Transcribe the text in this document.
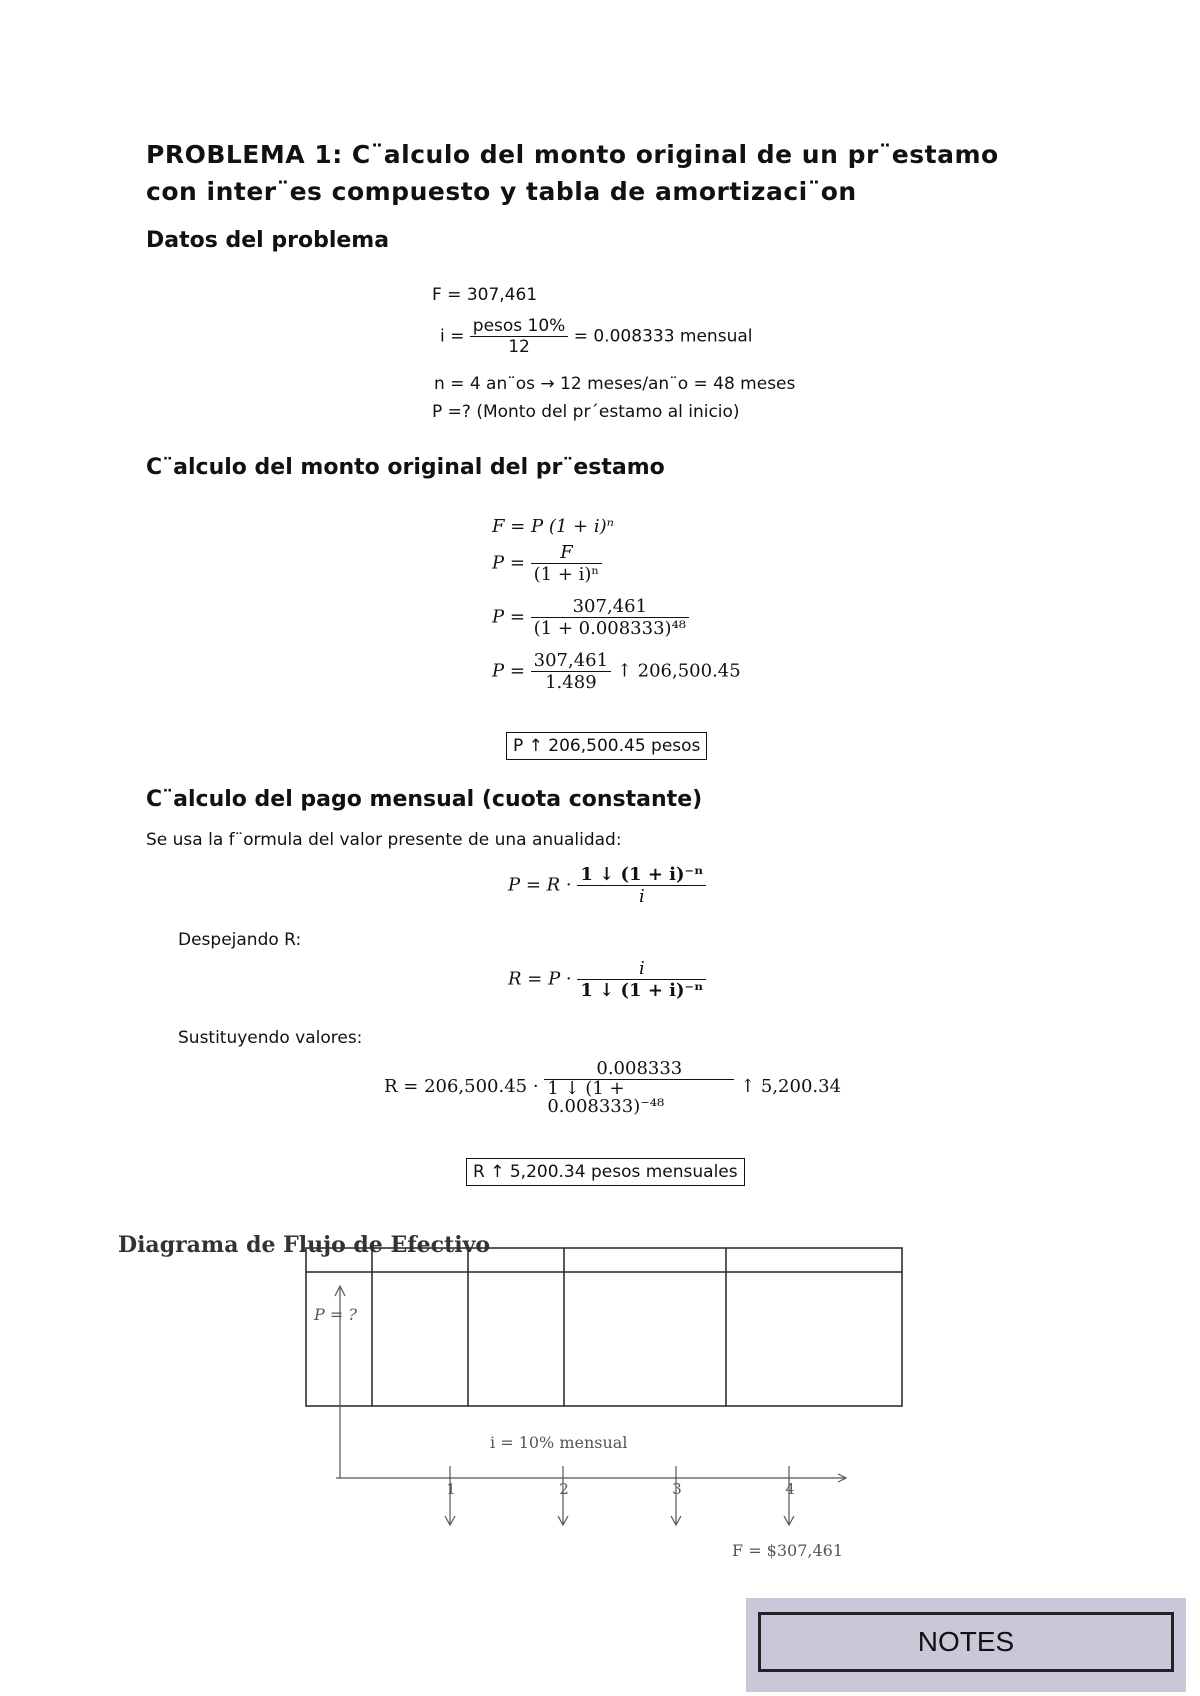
PROBLEMA 1: C¨alculo del monto original de un pr¨estamo
con inter¨es compuesto y tabla de amortizaci¨on
Datos del problema
F = 307,461
$i = \frac{\text{pesos 10\%}}{12} = 0.008333$ mensual
n = 4 an¨os → 12 meses/an¨o = 48 meses
P =? (Monto del pr´estamo al inicio)
C¨alculo del monto original del pr¨estamo
F = P (1 + i)ⁿ
$P = \frac{F}{\text{(1 + i)ⁿ}}$
$P = \frac{307,461}{\text{(1 + 0.008333)⁴⁸}}$
$P = \frac{307,461}{1.489}$ ↑ 206,500.45
P ↑ 206,500.45 pesos
C¨alculo del pago mensual (cuota constante)
Se usa la f¨ormula del valor presente de una anualidad:
$P = R \cdot \frac{\text{1 ↓ (1 + i)⁻ⁿ}}{i}$
Despejando R:
$R = P \cdot \frac{i}{\text{1 ↓ (1 + i)⁻ⁿ}}$
Sustituyendo valores:
R = 206,500.45 · 0.008333
1 ↓ (1 +
0.008333)⁻⁴⁸ ↑ 5,200.34
R ↑ 5,200.34 pesos mensuales
1	2	3	4
P = ?
i = 10% mensual
F = $307,461
Diagrama de Flujo de Efectivo
NOTES
